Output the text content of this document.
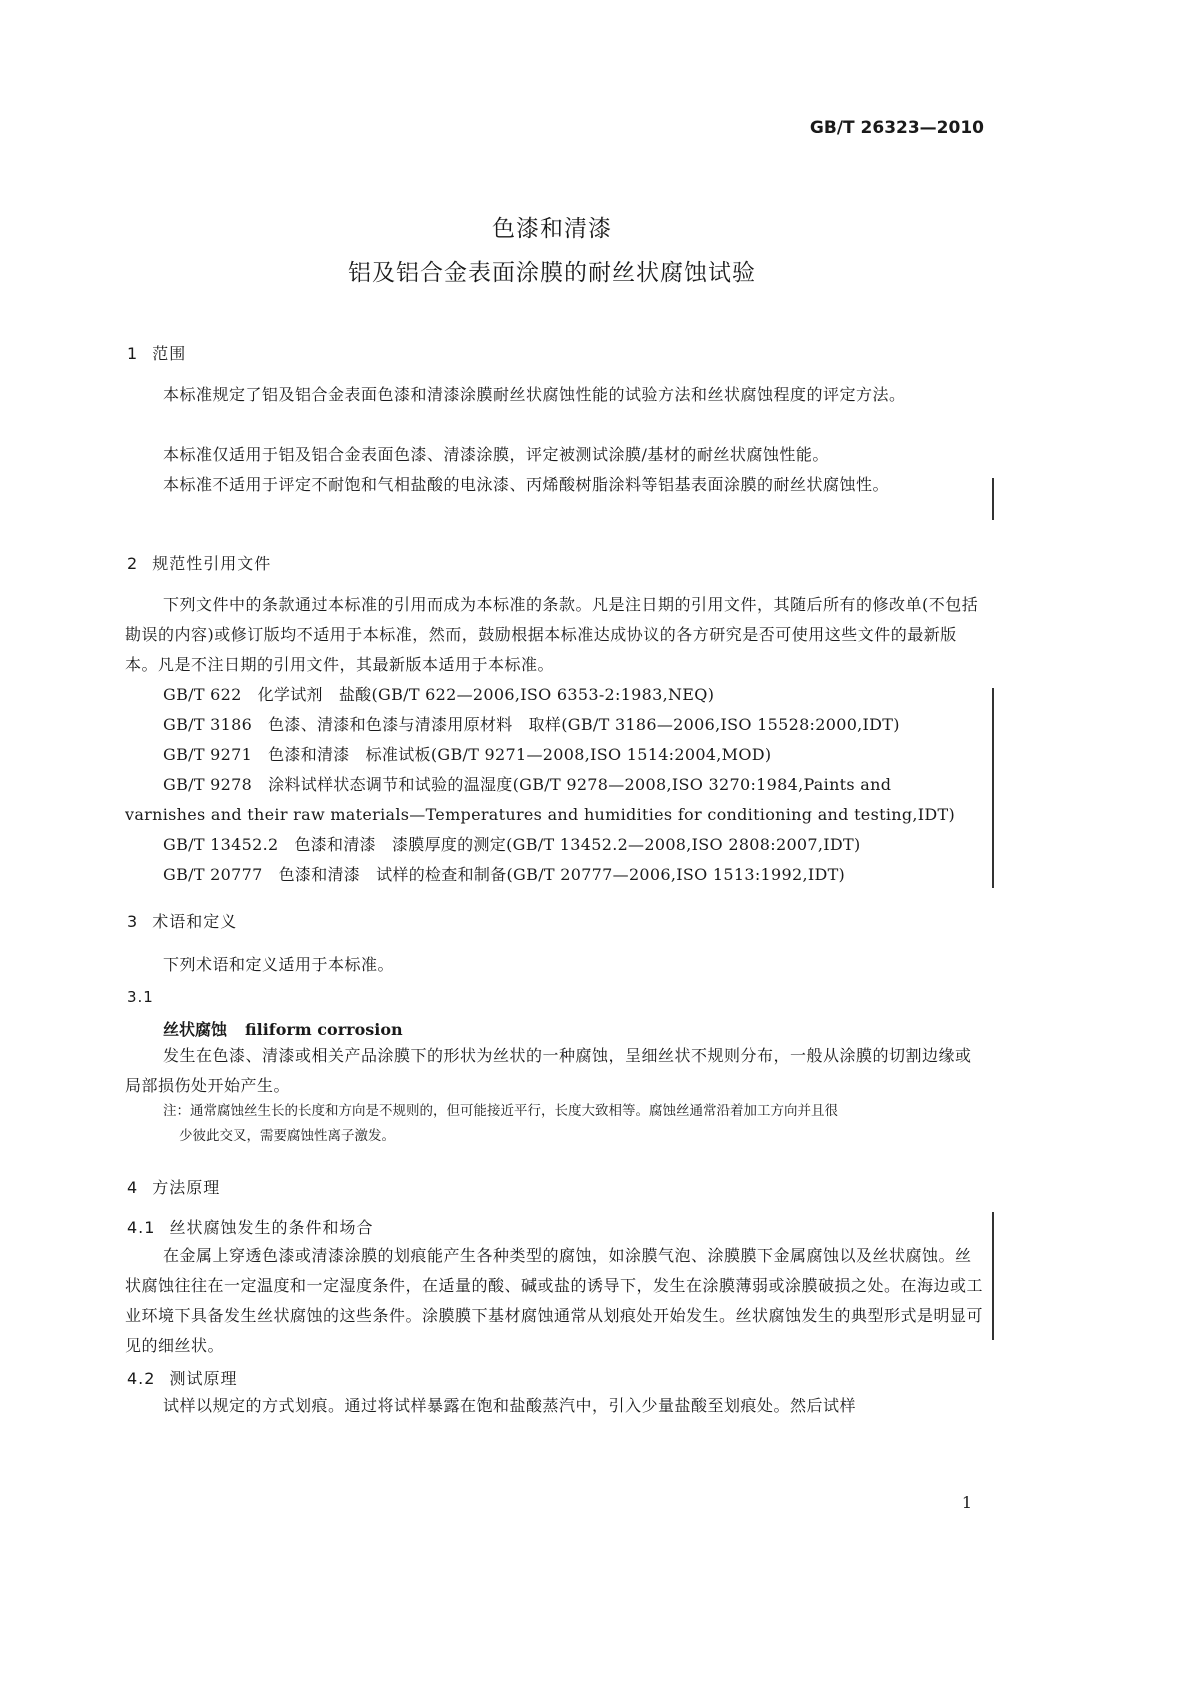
GB/T 26323—2010
色漆和清漆
铝及铝合金表面涂膜的耐丝状腐蚀试验
1 范围
本标准规定了铝及铝合金表面色漆和清漆涂膜耐丝状腐蚀性能的试验方法和丝状腐蚀程度的评定方法。
本标准仅适用于铝及铝合金表面色漆、清漆涂膜，评定被测试涂膜/基材的耐丝状腐蚀性能。
本标准不适用于评定不耐饱和气相盐酸的电泳漆、丙烯酸树脂涂料等铝基表面涂膜的耐丝状腐蚀性。
2 规范性引用文件
下列文件中的条款通过本标准的引用而成为本标准的条款。凡是注日期的引用文件，其随后所有的修改单(不包括勘误的内容)或修订版均不适用于本标准，然而，鼓励根据本标准达成协议的各方研究是否可使用这些文件的最新版本。凡是不注日期的引用文件，其最新版本适用于本标准。
GB/T 622 化学试剂 盐酸(GB/T 622—2006,ISO 6353-2:1983,NEQ)
GB/T 3186 色漆、清漆和色漆与清漆用原材料 取样(GB/T 3186—2006,ISO 15528:2000,IDT)
GB/T 9271 色漆和清漆 标准试板(GB/T 9271—2008,ISO 1514:2004,MOD)
GB/T 9278 涂料试样状态调节和试验的温湿度(GB/T 9278—2008,ISO 3270:1984,Paints and
varnishes and their raw materials—Temperatures and humidities for conditioning and testing,IDT)
GB/T 13452.2 色漆和清漆 漆膜厚度的测定(GB/T 13452.2—2008,ISO 2808:2007,IDT)
GB/T 20777 色漆和清漆 试样的检查和制备(GB/T 20777—2006,ISO 1513:1992,IDT)
3 术语和定义
下列术语和定义适用于本标准。
3.1
丝状腐蚀 filiform corrosion
发生在色漆、清漆或相关产品涂膜下的形状为丝状的一种腐蚀，呈细丝状不规则分布，一般从涂膜的切割边缘或局部损伤处开始产生。
注：通常腐蚀丝生长的长度和方向是不规则的，但可能接近平行，长度大致相等。腐蚀丝通常沿着加工方向并且很
少彼此交叉，需要腐蚀性离子激发。
4 方法原理
4.1 丝状腐蚀发生的条件和场合
在金属上穿透色漆或清漆涂膜的划痕能产生各种类型的腐蚀，如涂膜气泡、涂膜膜下金属腐蚀以及丝状腐蚀。丝状腐蚀往往在一定温度和一定湿度条件，在适量的酸、碱或盐的诱导下，发生在涂膜薄弱或涂膜破损之处。在海边或工业环境下具备发生丝状腐蚀的这些条件。涂膜膜下基材腐蚀通常从划痕处开始发生。丝状腐蚀发生的典型形式是明显可见的细丝状。
4.2 测试原理
试样以规定的方式划痕。通过将试样暴露在饱和盐酸蒸汽中，引入少量盐酸至划痕处。然后试样
1
